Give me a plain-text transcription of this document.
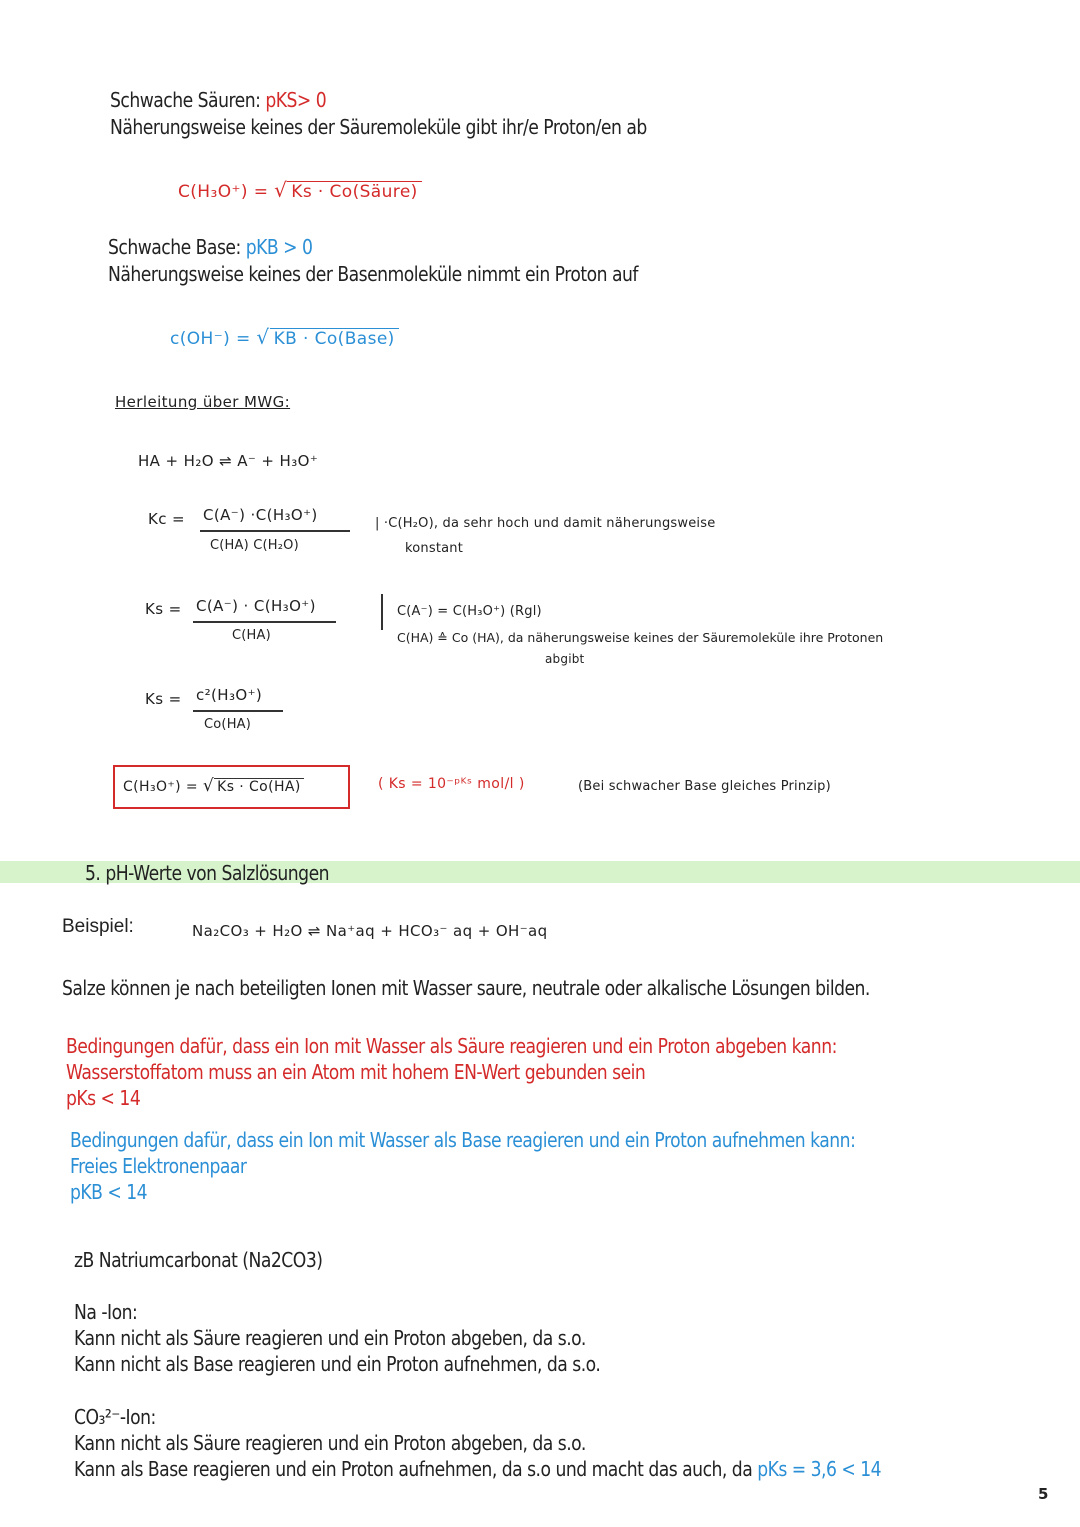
Schwache Säuren: pKS> 0
Näherungsweise keines der Säuremoleküle gibt ihr/e Proton/en ab
C(H₃O⁺) = √ Ks · Co(Säure)
Schwache Base: pKB > 0
Näherungsweise keines der Basenmoleküle nimmt ein Proton auf
c(OH⁻) = √ KB · Co(Base)
Herleitung über MWG:
HA + H₂O ⇌ A⁻ + H₃O⁺
Kc = C(A⁻) ·C(H₃O⁺)
C(HA) C(H₂O)
| ·C(H₂O), da sehr hoch und damit näherungsweise
konstant
Ks = C(A⁻) · C(H₃O⁺)
C(HA)
C(A⁻) = C(H₃O⁺) (Rgl)
C(HA) ≙ Co (HA), da näherungsweise keines der Säuremoleküle ihre Protonen
abgibt
Ks = c²(H₃O⁺)
Co(HA)
C(H₃O⁺) = √ Ks · Co(HA)	( Ks = 10⁻ᵖᴷˢ mol/l )	(Bei schwacher Base gleiches Prinzip)
5. pH-Werte von Salzlösungen
Beispiel:	Na₂CO₃ + H₂O ⇌ Na⁺aq + HCO₃⁻ aq + OH⁻aq
Salze können je nach beteiligten Ionen mit Wasser saure, neutrale oder alkalische Lösungen bilden.
Bedingungen dafür, dass ein Ion mit Wasser als Säure reagieren und ein Proton abgeben kann:
Wasserstoffatom muss an ein Atom mit hohem EN-Wert gebunden sein
pKs < 14
Bedingungen dafür, dass ein Ion mit Wasser als Base reagieren und ein Proton aufnehmen kann:
Freies Elektronenpaar
pKB < 14
zB Natriumcarbonat (Na2CO3)
Na -Ion:
Kann nicht als Säure reagieren und ein Proton abgeben, da s.o.
Kann nicht als Base reagieren und ein Proton aufnehmen, da s.o.
CO₃²⁻-Ion:
Kann nicht als Säure reagieren und ein Proton abgeben, da s.o.
Kann als Base reagieren und ein Proton aufnehmen, da s.o und macht das auch, da pKs = 3,6 < 14
5
